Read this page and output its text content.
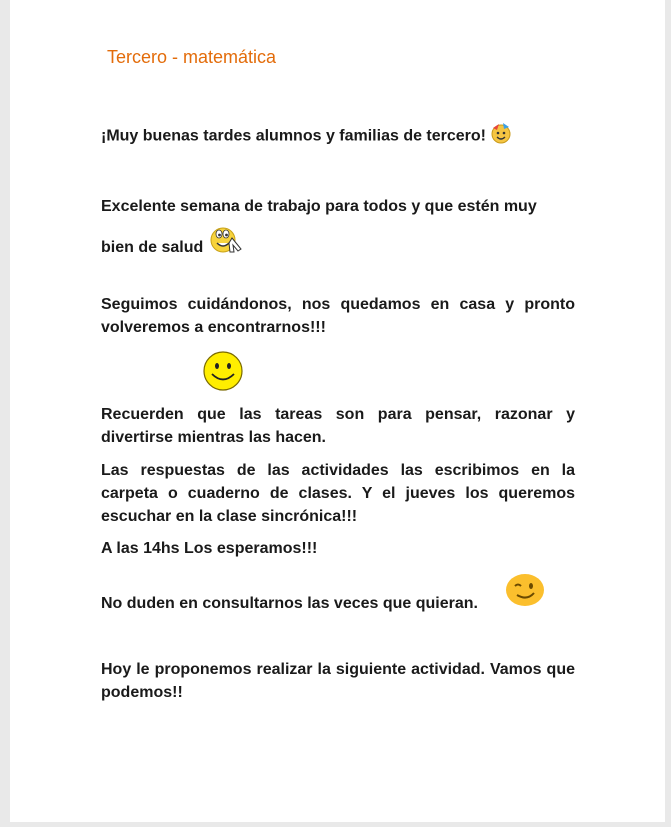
Tercero - matemática

¡Muy buenas tardes alumnos y familias de tercero!

Excelente semana de trabajo para todos y que estén muy
bien de salud

Seguimos cuidándonos, nos quedamos en casa y pronto volveremos a encontrarnos!!!

Recuerden que las tareas son para pensar, razonar y divertirse mientras las hacen.

Las respuestas de las actividades las escribimos en la carpeta o cuaderno de clases. Y el jueves los queremos escuchar en la clase sincrónica!!!

A las 14hs Los esperamos!!!

No duden en consultarnos las veces que quieran.

Hoy le proponemos realizar la siguiente actividad. Vamos que podemos!!
